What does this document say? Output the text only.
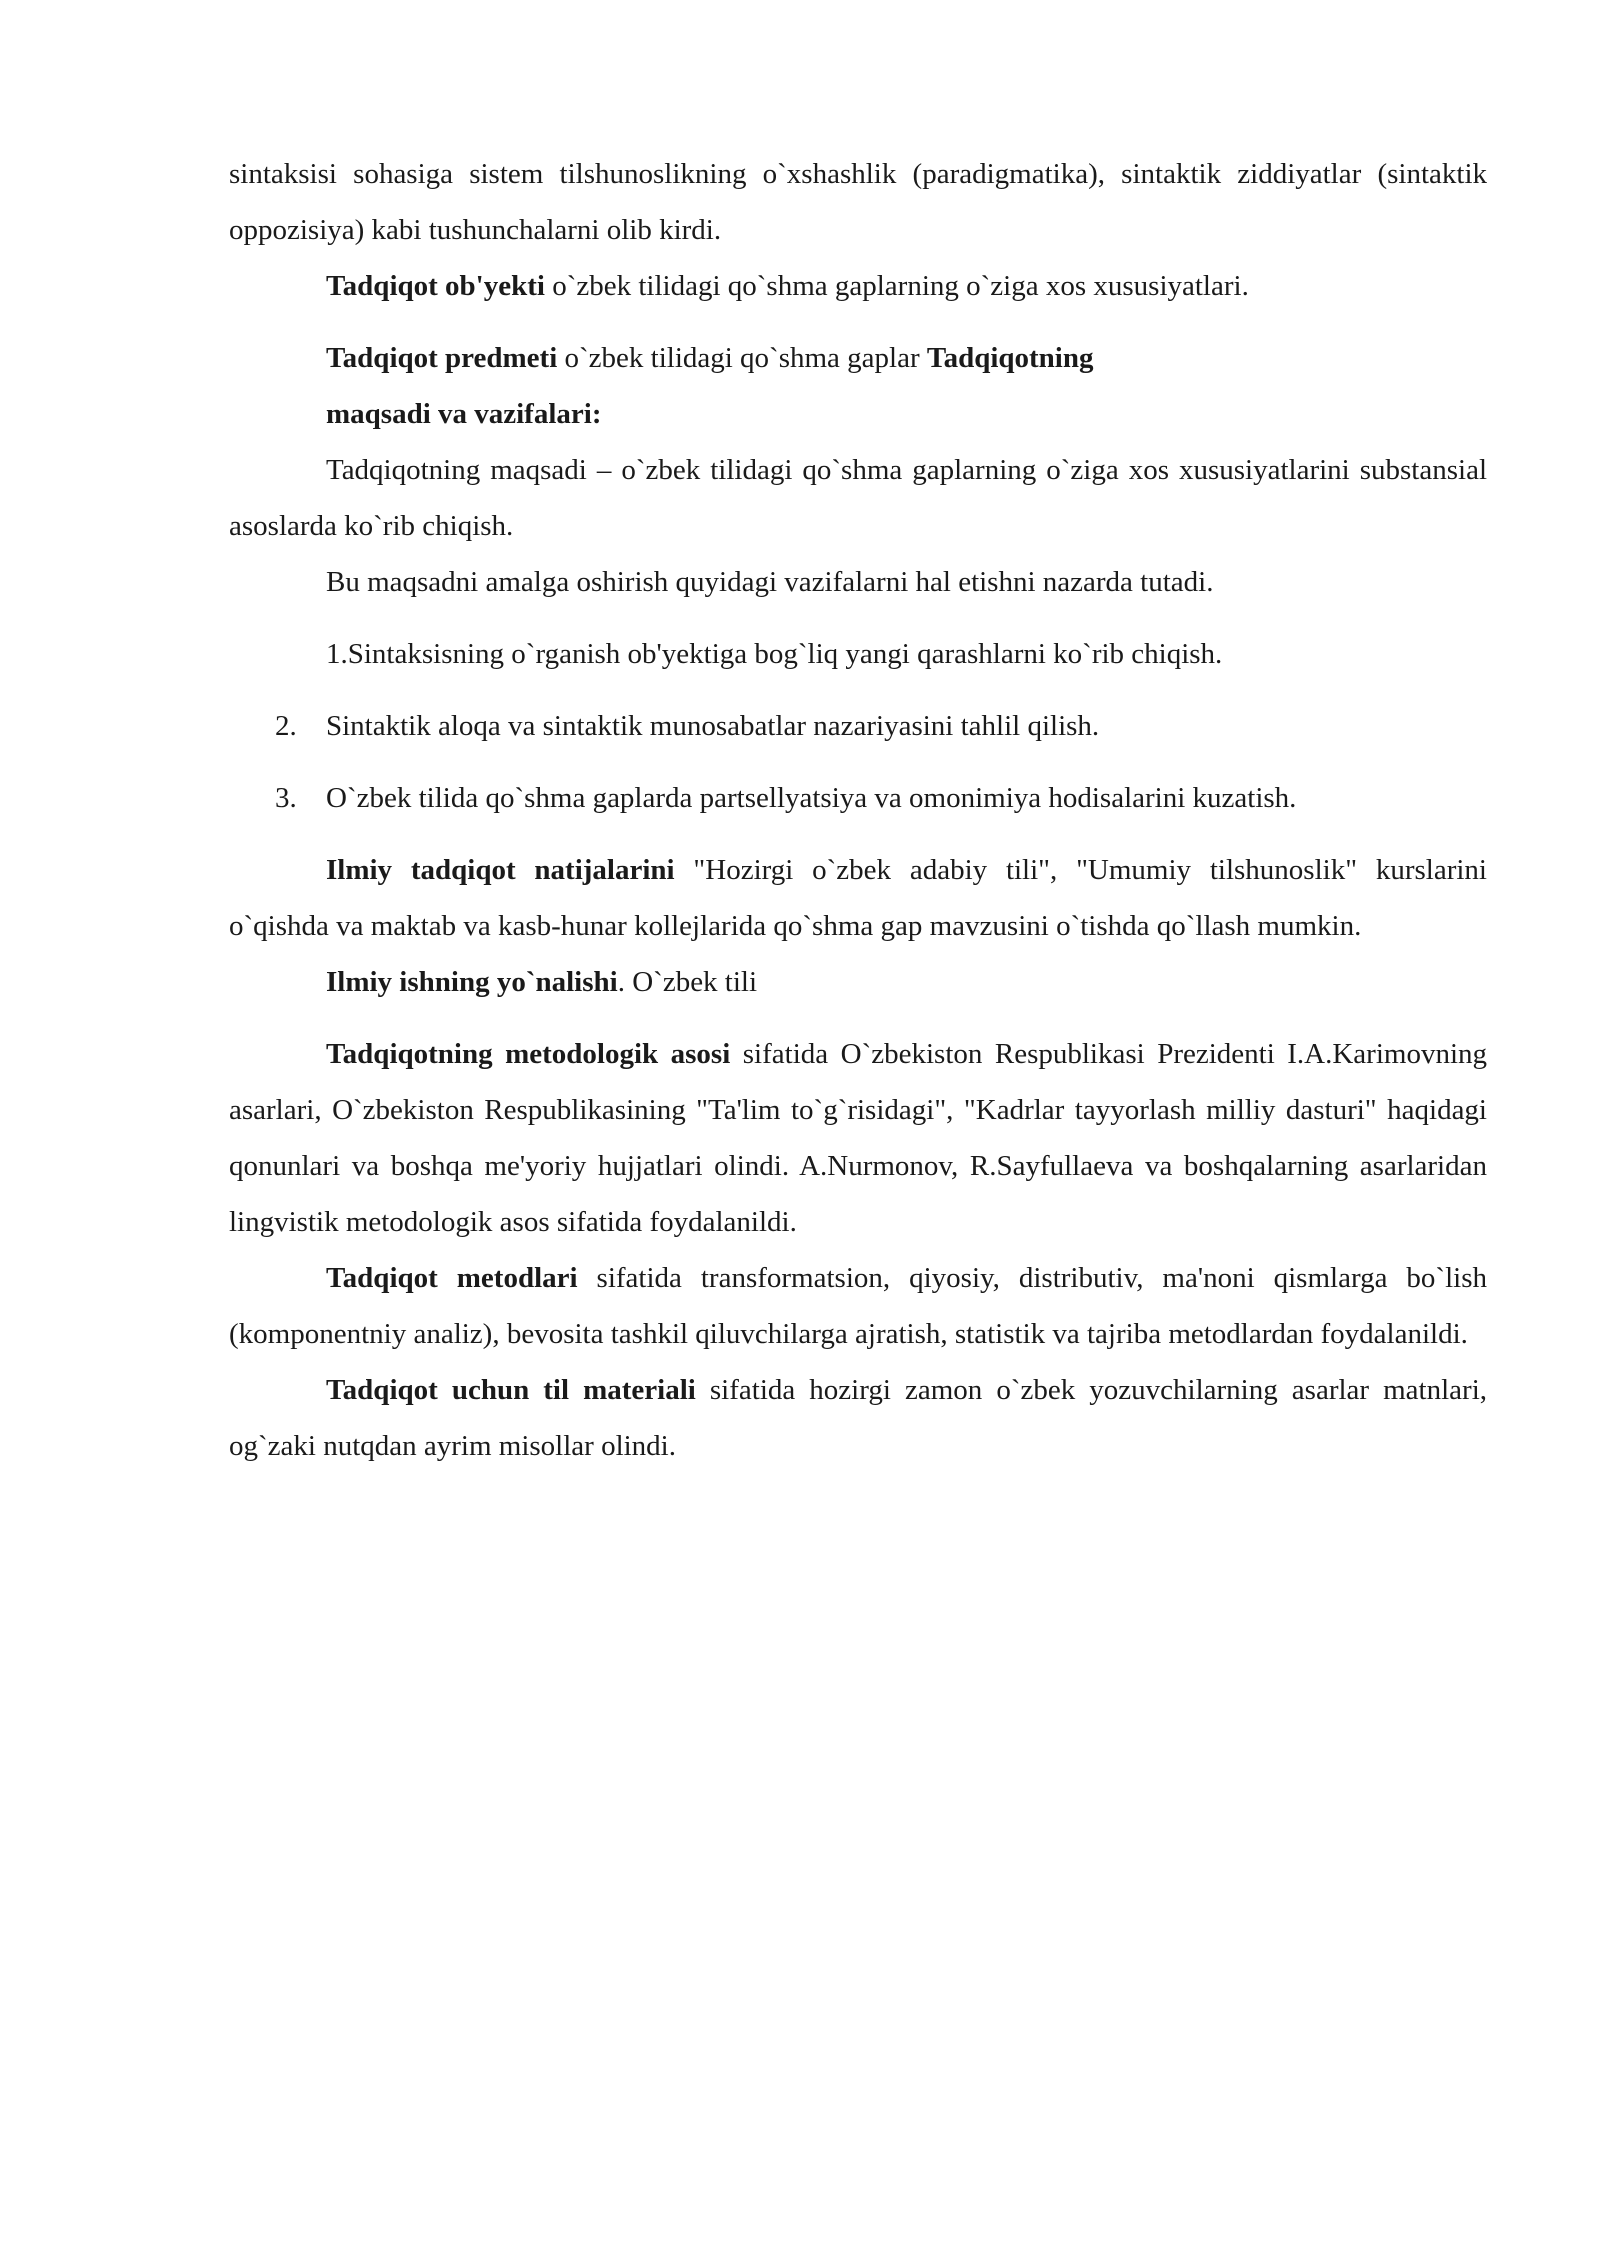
sintaksisi sohasiga sistem tilshunoslikning o`xshashlik (paradigmatika), sintaktik ziddiyatlar (sintaktik oppozisiya) kabi tushunchalarni olib kirdi.

Tadqiqot ob'yekti o`zbek tilidagi qo`shma gaplarning o`ziga xos xususiyatlari.

Tadqiqot predmeti o`zbek tilidagi qo`shma gaplar Tadqiqotning

maqsadi va vazifalari:

Tadqiqotning maqsadi – o`zbek tilidagi qo`shma gaplarning o`ziga xos xususiyatlarini substansial asoslarda ko`rib chiqish.

Bu maqsadni amalga oshirish quyidagi vazifalarni hal etishni nazarda tutadi.

1.Sintaksisning o`rganish ob'yektiga bog`liq yangi qarashlarni ko`rib chiqish.

2. Sintaktik aloqa va sintaktik munosabatlar nazariyasini tahlil qilish.
3. O`zbek tilida qo`shma gaplarda partsellyatsiya va omonimiya hodisalarini kuzatish.

Ilmiy tadqiqot natijalarini "Hozirgi o`zbek adabiy tili", "Umumiy tilshunoslik" kurslarini o`qishda va maktab va kasb-hunar kollejlarida qo`shma gap mavzusini o`tishda qo`llash mumkin.

Ilmiy ishning yo`nalishi. O`zbek tili

Tadqiqotning metodologik asosi sifatida O`zbekiston Respublikasi Prezidenti I.A.Karimovning asarlari, O`zbekiston Respublikasining "Ta'lim to`g`risidagi", "Kadrlar tayyorlash milliy dasturi" haqidagi qonunlari va boshqa me'yoriy hujjatlari olindi. A.Nurmonov, R.Sayfullaeva va boshqalarning asarlaridan lingvistik metodologik asos sifatida foydalanildi.

Tadqiqot metodlari sifatida transformatsion, qiyosiy, distributiv, ma'noni qismlarga bo`lish (komponentniy analiz), bevosita tashkil qiluvchilarga ajratish, statistik va tajriba metodlardan foydalanildi.

Tadqiqot uchun til materiali sifatida hozirgi zamon o`zbek yozuvchilarning asarlar matnlari, og`zaki nutqdan ayrim misollar olindi.
